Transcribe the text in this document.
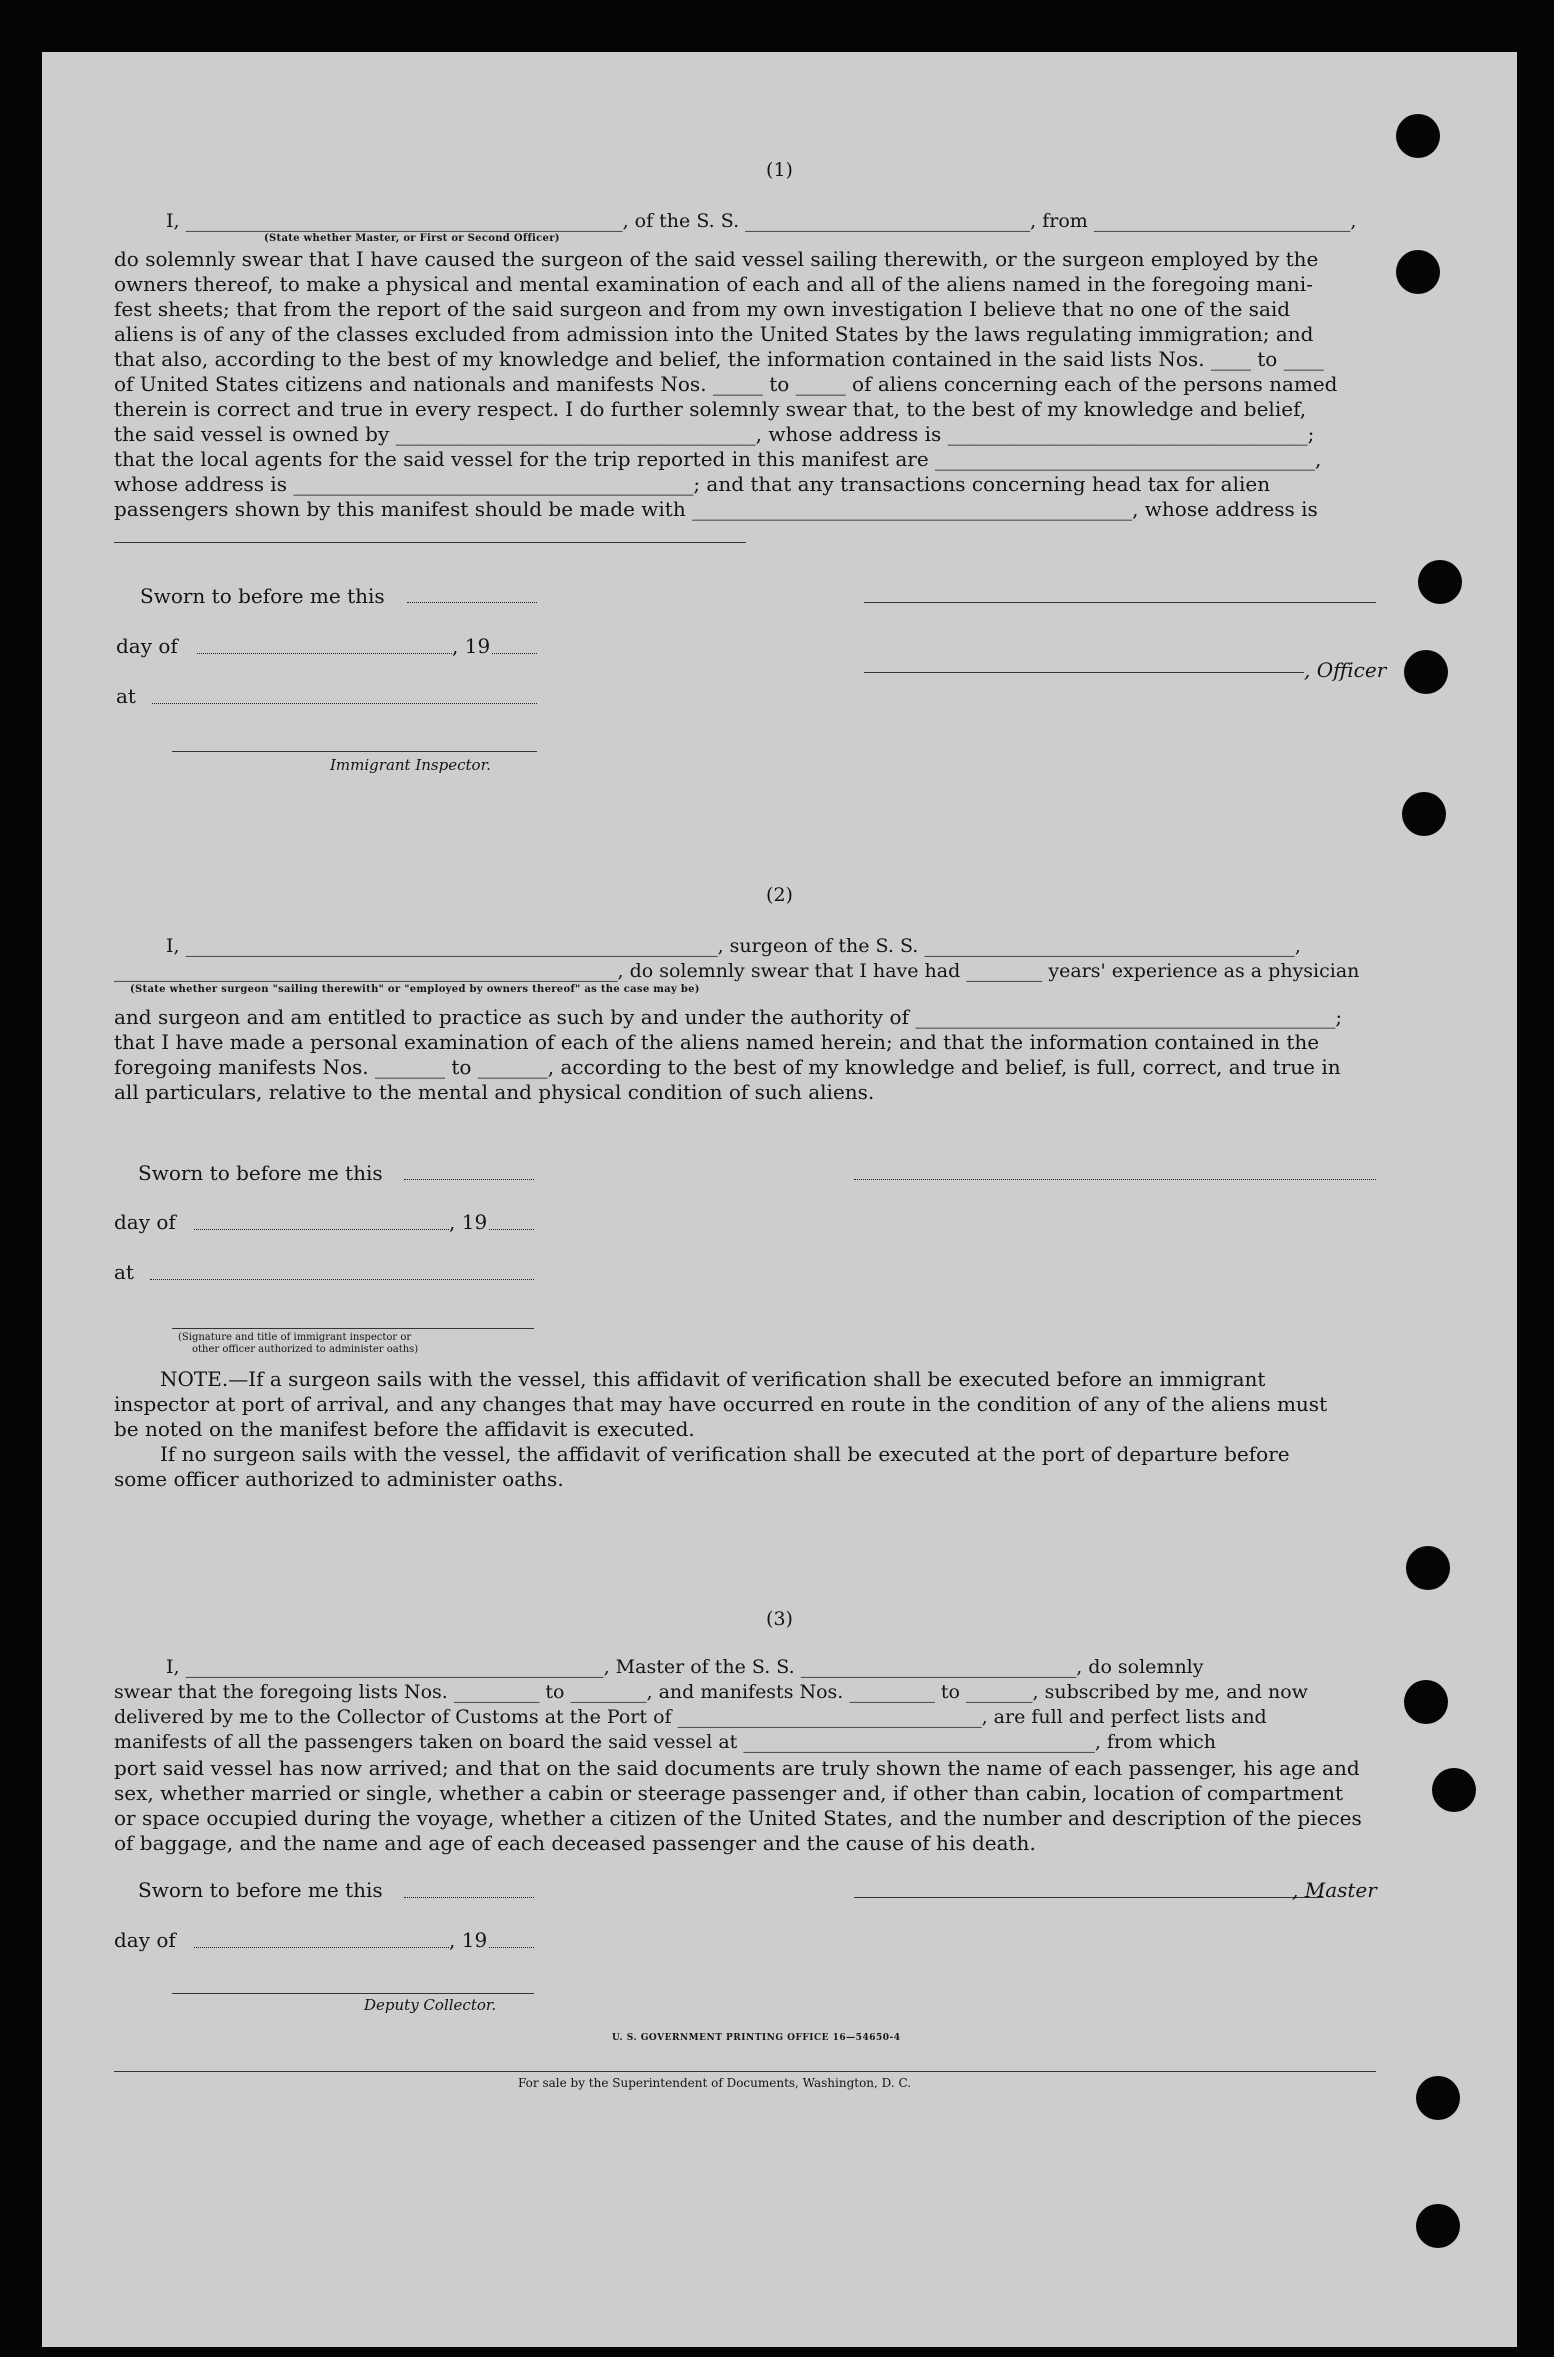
(1)
I, ______________________________________________, of the S. S. ______________________________, from ___________________________,
(State whether Master, or First or Second Officer)
do solemnly swear that I have caused the surgeon of the said vessel sailing therewith, or the surgeon employed by the
owners thereof, to make a physical and mental examination of each and all of the aliens named in the foregoing mani-
fest sheets; that from the report of the said surgeon and from my own investigation I believe that no one of the said
aliens is of any of the classes excluded from admission into the United States by the laws regulating immigration; and
that also, according to the best of my knowledge and belief, the information contained in the said lists Nos. ____ to ____
of United States citizens and nationals and manifests Nos. _____ to _____ of aliens concerning each of the persons named
therein is correct and true in every respect. I do further solemnly swear that, to the best of my knowledge and belief,
the said vessel is owned by ____________________________________, whose address is ____________________________________;
that the local agents for the said vessel for the trip reported in this manifest are ______________________________________,
whose address is ________________________________________; and that any transactions concerning head tax for alien
passengers shown by this manifest should be made with ____________________________________________, whose address is
Sworn to before me this
day of	, 19
, Officer
at
Immigrant Inspector.
(2)
I, ________________________________________________________, surgeon of the S. S. _______________________________________,
_____________________________________________________, do solemnly swear that I have had ________ years' experience as a physician
(State whether surgeon "sailing therewith" or "employed by owners thereof" as the case may be)
and surgeon and am entitled to practice as such by and under the authority of __________________________________________;
that I have made a personal examination of each of the aliens named herein; and that the information contained in the
foregoing manifests Nos. _______ to _______, according to the best of my knowledge and belief, is full, correct, and true in
all particulars, relative to the mental and physical condition of such aliens.
Sworn to before me this
day of	, 19
at
(Signature and title of immigrant inspector or
other officer authorized to administer oaths)
NOTE.—If a surgeon sails with the vessel, this affidavit of verification shall be executed before an immigrant
inspector at port of arrival, and any changes that may have occurred en route in the condition of any of the aliens must
be noted on the manifest before the affidavit is executed.
If no surgeon sails with the vessel, the affidavit of verification shall be executed at the port of departure before
some officer authorized to administer oaths.
(3)
I, ____________________________________________, Master of the S. S. _____________________________, do solemnly
swear that the foregoing lists Nos. _________ to ________, and manifests Nos. _________ to _______, subscribed by me, and now
delivered by me to the Collector of Customs at the Port of ________________________________, are full and perfect lists and
manifests of all the passengers taken on board the said vessel at _____________________________________, from which
port said vessel has now arrived; and that on the said documents are truly shown the name of each passenger, his age and
sex, whether married or single, whether a cabin or steerage passenger and, if other than cabin, location of compartment
or space occupied during the voyage, whether a citizen of the United States, and the number and description of the pieces
of baggage, and the name and age of each deceased passenger and the cause of his death.
Sworn to before me this	, Master
day of	, 19
Deputy Collector.
U. S. GOVERNMENT PRINTING OFFICE 16—54650-4
For sale by the Superintendent of Documents, Washington, D. C.
